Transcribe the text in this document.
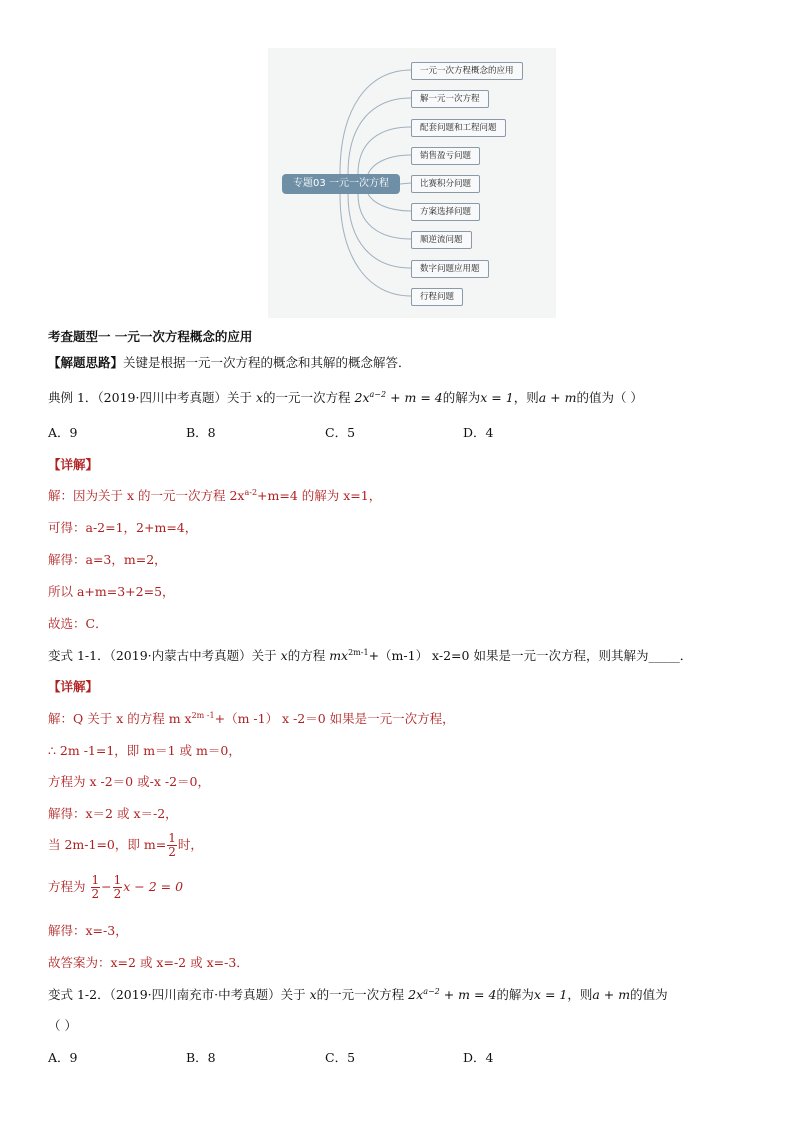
专题03 一元一次方程
一元一次方程概念的应用
解一元一次方程
配套问题和工程问题
销售盈亏问题
比赛积分问题
方案选择问题
顺逆流问题
数字问题应用题
行程问题
考查题型一 一元一次方程概念的应用
【解题思路】关键是根据一元一次方程的概念和其解的概念解答．
典例 1．（2019·四川中考真题）关于 x的一元一次方程 $2x^{a-2} + m = 4$的解为x = 1，则a + m的值为（ ）
A．9	B．8	C．5	D．4
【详解】
解：因为关于 x 的一元一次方程 $2x^{a-2}+m=4$ 的解为 x=1，
可得：a-2=1，2+m=4，
解得：a=3，m=2，
所以 a+m=3+2=5，
故选：C．
变式 1-1．（2019·内蒙古中考真题）关于 x的方程 $mx^{2m-1}+(m-1)$ x-2=0 如果是一元一次方程，则其解为_____．
【详解】
解：Q 关于 x 的方程 m $x^{2m -1}+(m$ -1） x -2＝0 如果是一元一次方程，
∴ 2m -1=1，即 m＝1 或 m＝0，
方程为 x -2＝0 或-x -2＝0，
解得：x＝2 或 x＝-2，
当 2m-1=0，即 $m= \frac{1}{2}$ 时，
方程为 $\frac{1}{2} - \frac{1}{2}$ x − 2 = 0
解得：x=-3，
故答案为：x=2 或 x=-2 或 x=-3．
变式 1-2．（2019·四川南充市·中考真题）关于 x的一元一次方程 $2x^{a-2} + m = 4$的解为x = 1，则a + m的值为
（ ）
A．9	B．8	C．5	D．4
